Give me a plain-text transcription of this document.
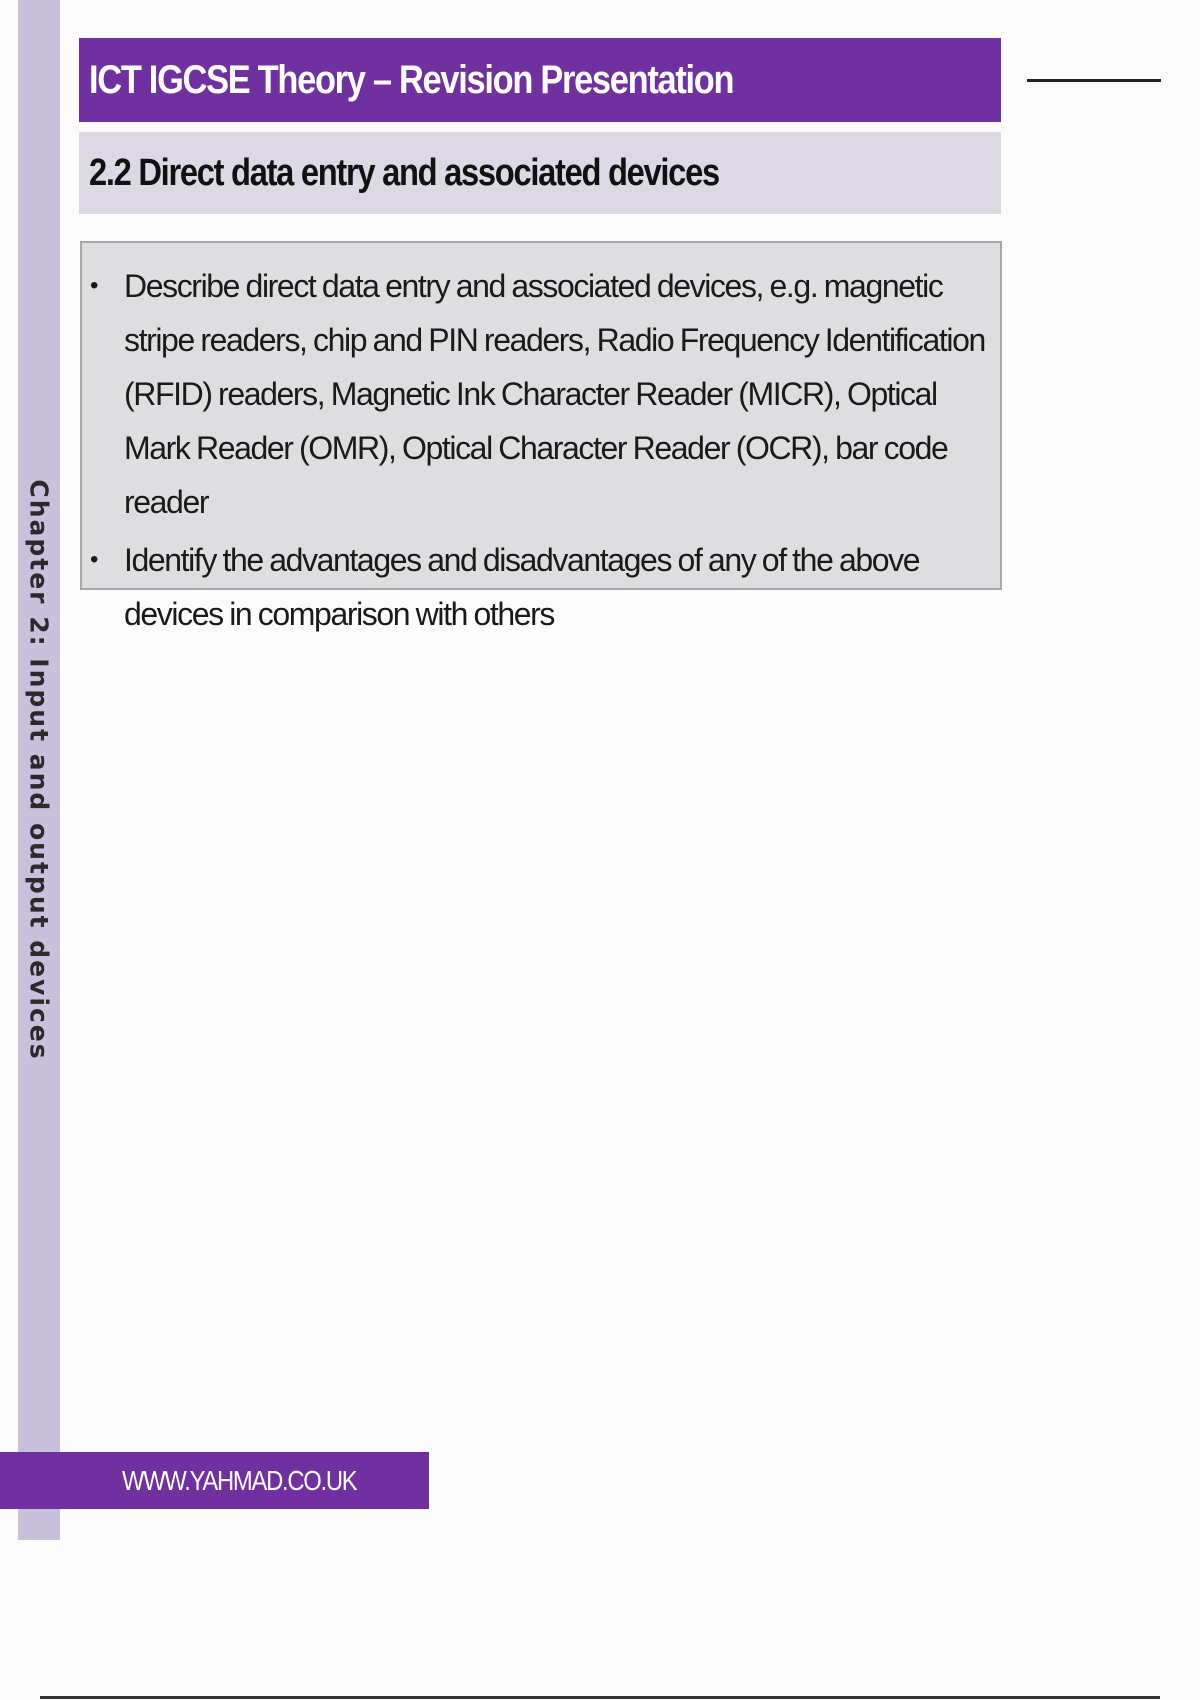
Chapter 2: Input and output devices
ICT IGCSE Theory – Revision Presentation
2.2 Direct data entry and associated devices
• Describe direct data entry and associated devices, e.g. magnetic stripe readers, chip and PIN readers, Radio Frequency Identification (RFID) readers, Magnetic Ink Character Reader (MICR), Optical Mark Reader (OMR), Optical Character Reader (OCR), bar code reader
• Identify the advantages and disadvantages of any of the above devices in comparison with others
WWW.YAHMAD.CO.UK
